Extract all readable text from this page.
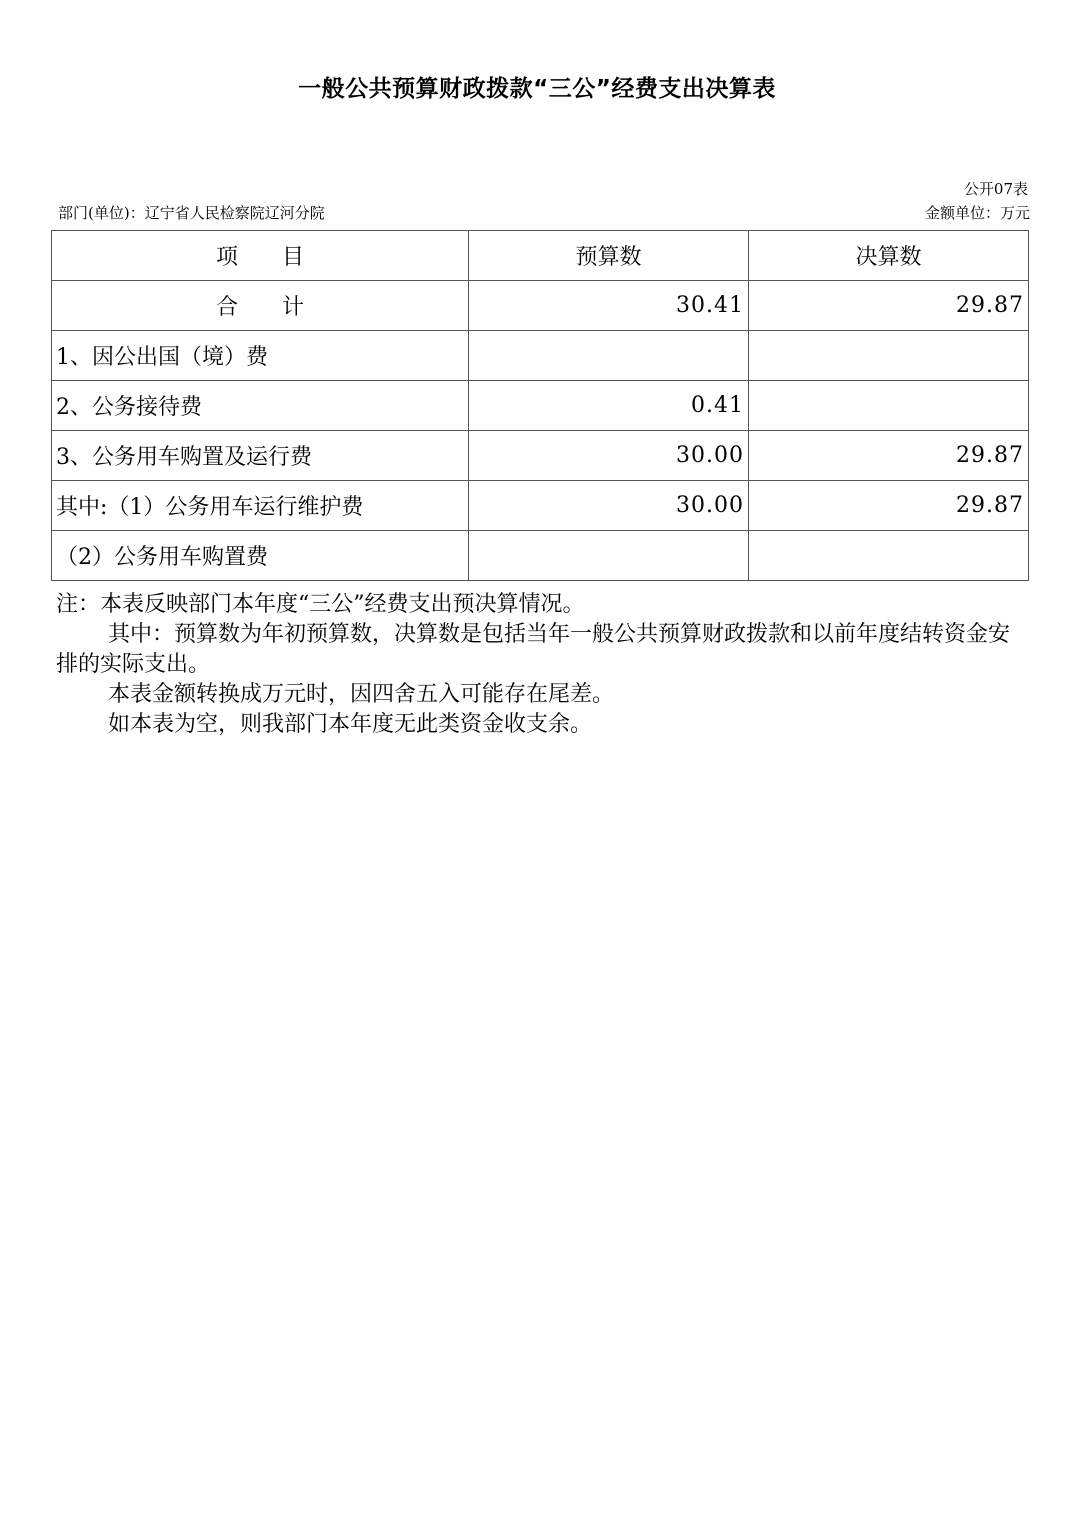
一般公共预算财政拨款“三公”经费支出决算表
公开07表
部门(单位)：辽宁省人民检察院辽河分院	金额单位：万元
项　　目	预算数	决算数
合　　计	30.41	29.87
1、因公出国（境）费		
2、公务接待费	0.41	
3、公务用车购置及运行费	30.00	29.87
其中:（1）公务用车运行维护费	30.00	29.87
（2）公务用车购置费		

注：本表反映部门本年度“三公”经费支出预决算情况。

其中：预算数为年初预算数，决算数是包括当年一般公共预算财政拨款和以前年度结转资金安排的实际支出。

本表金额转换成万元时，因四舍五入可能存在尾差。

如本表为空，则我部门本年度无此类资金收支余。
